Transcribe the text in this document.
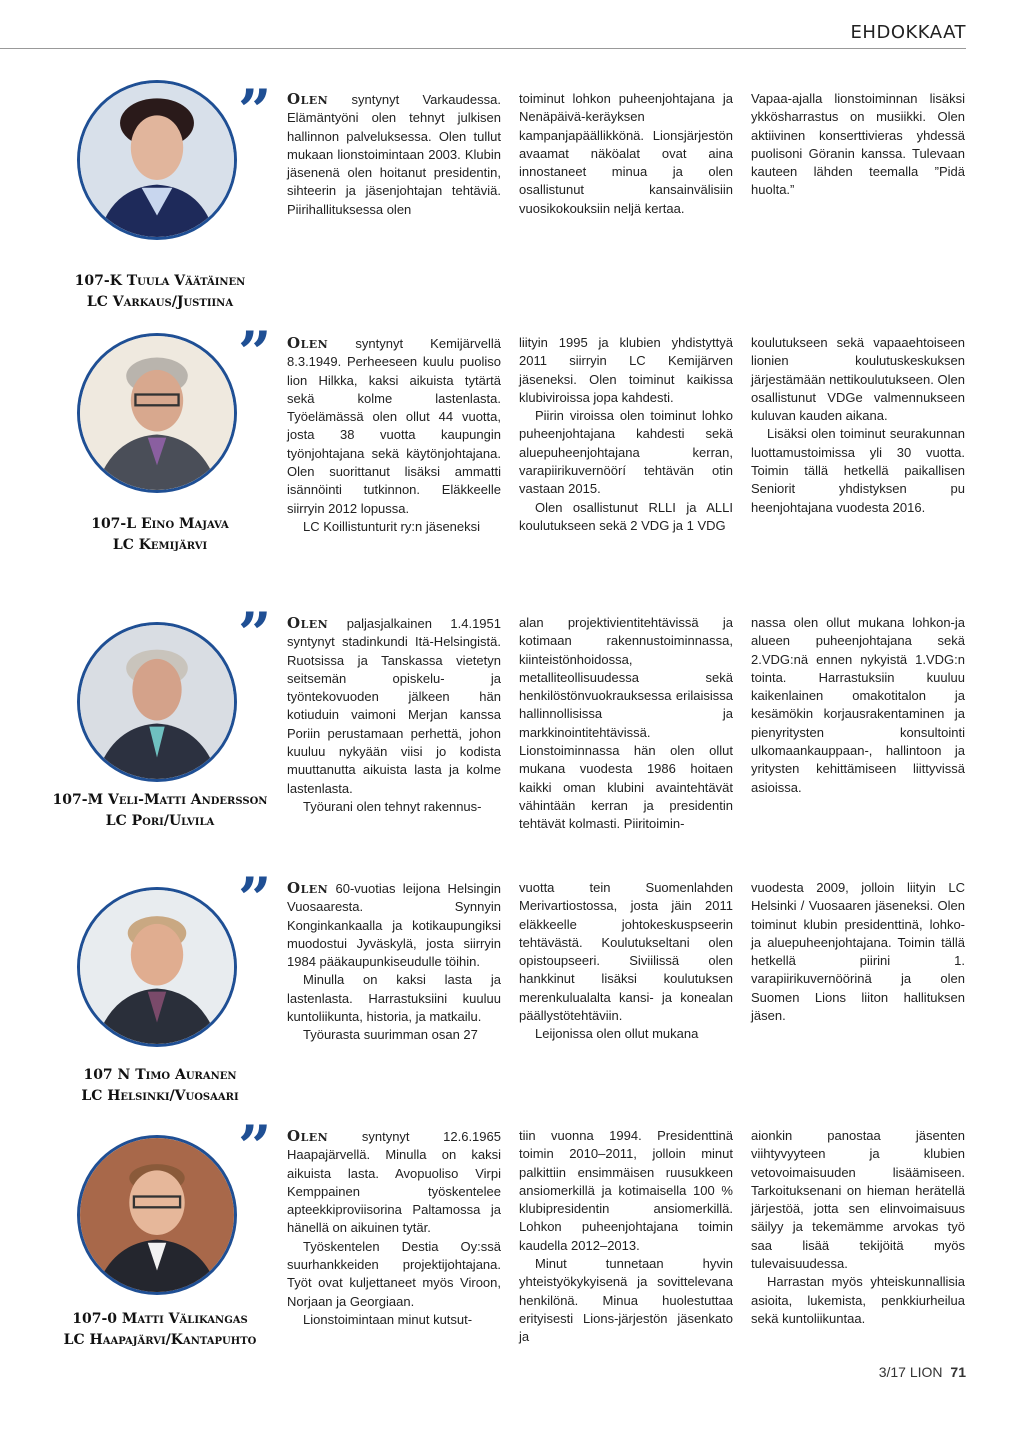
EHDOKKAAT
” Olen syntynyt Varkaudessa. Elämäntyöni olen tehnyt julkisen hallinnon palveluksessa. Olen tullut mukaan lionstoimintaan 2003. Klubin jäsenenä olen hoitanut presidentin, sihteerin ja jäsenjohtajan tehtäviä. Piirihallituksessa olen

toiminut lohkon puheenjohtajana ja Nenäpäivä-keräyksen kampanjapäällikkönä. Lionsjärjestön avaamat näköalat ovat aina innostaneet minua ja olen osallistunut kansainvälisiin vuosikokouksiin neljä kertaa.

Vapaa-ajalla lionstoiminnan lisäksi ykkösharrastus on musiikki. Olen aktiivinen konserttivieras yhdessä puolisoni Göranin kanssa. Tulevaan kauteen lähden teemalla ”Pidä huolta.”

107-K Tuula Väätäinen
LC Varkaus/Justiina
” Olen syntynyt Kemijärvellä 8.3.1949. Perheeseen kuulu puoliso lion Hilkka, kaksi aikuista tytärtä sekä kolme lastenlasta. Työelämässä olen ollut 44 vuotta, josta 38 vuotta kaupungin työnjohtajana sekä käytönjohtajana. Olen suorittanut lisäksi ammatti isännöinti tutkinnon. Eläkkeelle siirryin 2012 lopussa.

LC Koillistunturit ry:n jäseneksi

liityin 1995 ja klubien yhdistyttyä 2011 siirryin LC Kemijärven jäseneksi. Olen toiminut kaikissa klubiviroissa jopa kahdesti.

Piirin viroissa olen toiminut lohko puheenjohtajana kahdesti sekä aluepuheenjohtajana kerran, varapiirikuvernöörí tehtävän otin vastaan 2015.

Olen osallistunut RLLI ja ALLI koulutukseen sekä 2 VDG ja 1 VDG

koulutukseen sekä vapaaehtoiseen lionien koulutuskeskuksen järjestämään nettikoulutukseen. Olen osallistunut VDGe valmennukseen kuluvan kauden aikana.

Lisäksi olen toiminut seurakunnan luottamustoimissa yli 30 vuotta. Toimin tällä hetkellä paikallisen Seniorit yhdistyksen pu heenjohtajana vuodesta 2016.

107-L Eino Majava
LC Kemijärvi
” Olen paljasjalkainen 1.4.1951 syntynyt stadinkundi Itä-Helsingistä. Ruotsissa ja Tanskassa vietetyn seitsemän opiskelu- ja työntekovuoden jälkeen hän kotiuduin vaimoni Merjan kanssa Poriin perustamaan perhettä, johon kuuluu nykyään viisi jo kodista muuttanutta aikuista lasta ja kolme lastenlasta.

Työurani olen tehnyt rakennus-

alan projektivientitehtävissä ja kotimaan rakennustoiminnassa, kiinteistönhoidossa, metalliteollisuudessa sekä henkilöstönvuokrauksessa erilaisissa hallinnollisissa ja markkinointitehtävissä. Lionstoiminnassa hän olen ollut mukana vuodesta 1986 hoitaen kaikki oman klubini avaintehtävät vähintään kerran ja presidentin tehtävät kolmasti. Piiritoimin-

nassa olen ollut mukana lohkon-ja alueen puheenjohtajana sekä 2.VDG:nä ennen nykyistä 1.VDG:n tointa. Harrastuksiin kuuluu kaikenlainen omakotitalon ja kesämökin korjausrakentaminen ja pienyritysten konsultointi ulkomaankauppaan-, hallintoon ja yritysten kehittämiseen liittyvissä asioissa.

107-M Veli-Matti Andersson
LC Pori/Ulvila
” Olen 60-vuotias leijona Helsingin Vuosaaresta. Synnyin Konginkankaalla ja kotikaupungiksi muodostui Jyväskylä, josta siirryin 1984 pääkaupunkiseudulle töihin.

Minulla on kaksi lasta ja lastenlasta. Harrastuksiini kuuluu kuntoliikunta, historia, ja matkailu.

Työurasta suurimman osan 27

vuotta tein Suomenlahden Merivartiostossa, josta jäin 2011 eläkkeelle johtokeskuspseerin tehtävästä. Koulutukseltani olen opistoupseeri. Siviilissä olen hankkinut lisäksi koulutuksen merenkulualalta kansi- ja konealan päällystötehtäviin.

Leijonissa olen ollut mukana

vuodesta 2009, jolloin liityin LC Helsinki / Vuosaaren jäseneksi. Olen toiminut klubin presidenttinä, lohko- ja aluepuheenjohtajana. Toimin tällä hetkellä piirini 1. varapiirikuvernöörinä ja olen Suomen Lions liiton hallituksen jäsen.

107 N Timo Auranen
LC Helsinki/Vuosaari
” Olen	syntynyt 12.6.1965 Haapajärvellä. Minulla on kaksi aikuista lasta. Avopuoliso Virpi Kemppainen työskentelee apteekkiproviisorina Paltamossa ja hänellä on aikuinen tytär.

Työskentelen Destia Oy:ssä suurhankkeiden projektijohtajana. Työt ovat kuljettaneet myös Viroon, Norjaan ja Georgiaan.

Lionstoimintaan minut kutsut-

tiin vuonna 1994. Presidenttinä toimin 2010–2011, jolloin minut palkittiin ensimmäisen ruusukkeen ansiomerkillä ja kotimaisella 100 % klubipresidentin ansiomerkillä. Lohkon puheenjohtajana toimin kaudella 2012–2013.

Minut tunnetaan hyvin yhteistyökykyisenä ja sovittelevana henkilönä. Minua huolestuttaa erityisesti Lions-järjestön jäsenkato ja

aionkin panostaa jäsenten viihtyvyyteen ja klubien vetovoimaisuuden lisäämiseen. Tarkoituksenani on hieman herätellä järjestöä, jotta sen elinvoimaisuus säilyy ja tekemämme arvokas työ saa lisää tekijöitä myös tulevaisuudessa.

Harrastan myös yhteiskunnallisia asioita, lukemista, penkkiurheilua sekä kuntoliikuntaa.

107-0 Matti Välikangas
LC Haapajärvi/Kantapuhto
3/17 LION 71
